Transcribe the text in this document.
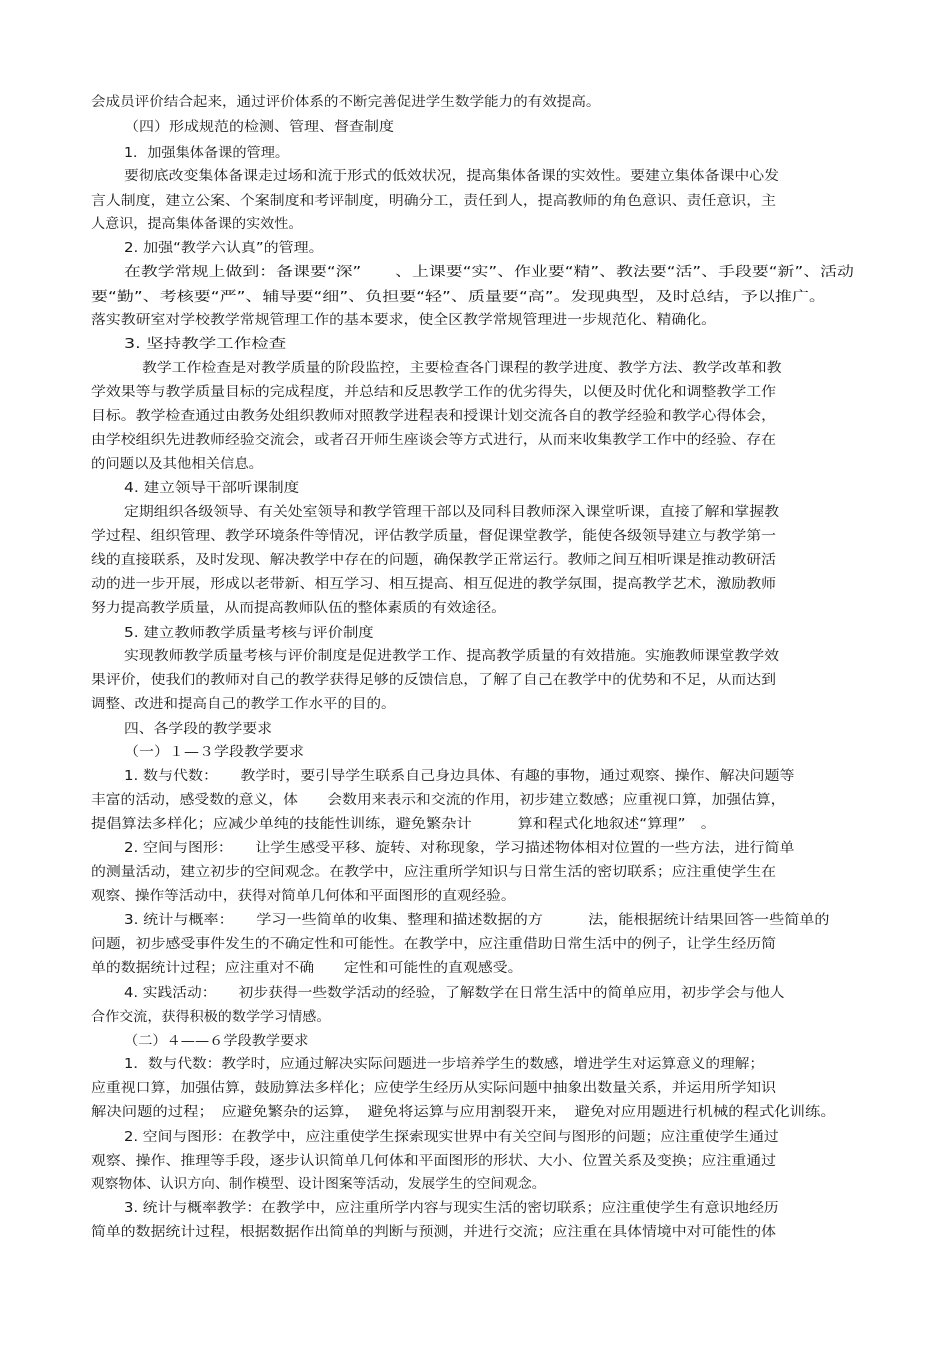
会成员评价结合起来，通过评价体系的不断完善促进学生数学能力的有效提高。
（四）形成规范的检测、管理、督查制度
1．加强集体备课的管理。
要彻底改变集体备课走过场和流于形式的低效状况，提高集体备课的实效性。要建立集体备课中心发
言人制度，建立公案、个案制度和考评制度，明确分工，责任到人，提高教师的角色意识、责任意识，主
人意识，提高集体备课的实效性。
2. 加强“教学六认真”的管理。
在教学常规上做到：备课要“深”　　、上课要“实”、作业要“精”、教法要“活”、手段要“新”、活动
要“勤”、考核要“严”、辅导要“细”、负担要“轻”、质量要“高”。发现典型，及时总结，予以推广。
落实教研室对学校教学常规管理工作的基本要求，使全区教学常规管理进一步规范化、精确化。
3. 坚持教学工作检查
教学工作检查是对教学质量的阶段监控，主要检查各门课程的教学进度、教学方法、教学改革和教
学效果等与教学质量目标的完成程度，并总结和反思教学工作的优劣得失，以便及时优化和调整教学工作
目标。教学检查通过由教务处组织教师对照教学进程表和授课计划交流各自的教学经验和教学心得体会，
由学校组织先进教师经验交流会，或者召开师生座谈会等方式进行，从而来收集教学工作中的经验、存在
的问题以及其他相关信息。
4. 建立领导干部听课制度
定期组织各级领导、有关处室领导和教学管理干部以及同科目教师深入课堂听课，直接了解和掌握教
学过程、组织管理、教学环境条件等情况，评估教学质量，督促课堂教学，能使各级领导建立与教学第一
线的直接联系，及时发现、解决教学中存在的问题，确保教学正常运行。教师之间互相听课是推动教研活
动的进一步开展，形成以老带新、相互学习、相互提高、相互促进的教学氛围，提高教学艺术，激励教师
努力提高教学质量，从而提高教师队伍的整体素质的有效途径。
5. 建立教师教学质量考核与评价制度
实现教师教学质量考核与评价制度是促进教学工作、提高教学质量的有效措施。实施教师课堂教学效
果评价，使我们的教师对自己的教学获得足够的反馈信息，了解了自己在教学中的优势和不足，从而达到
调整、改进和提高自己的教学工作水平的目的。
四、各学段的教学要求
（一）１—３学段教学要求
1. 数与代数：　　教学时，要引导学生联系自己身边具体、有趣的事物，通过观察、操作、解决问题等
丰富的活动，感受数的意义，体　　会数用来表示和交流的作用，初步建立数感；应重视口算，加强估算，
提倡算法多样化；应减少单纯的技能性训练，避免繁杂计　　　算和程式化地叙述“算理”　。
2. 空间与图形：　　让学生感受平移、旋转、对称现象，学习描述物体相对位置的一些方法，进行简单
的测量活动，建立初步的空间观念。在教学中，应注重所学知识与日常生活的密切联系；应注重使学生在
观察、操作等活动中，获得对简单几何体和平面图形的直观经验。
3. 统计与概率：　　学习一些简单的收集、整理和描述数据的方　　　法，能根据统计结果回答一些简单的
问题，初步感受事件发生的不确定性和可能性。在教学中，应注重借助日常生活中的例子，让学生经历简
单的数据统计过程；应注重对不确　　定性和可能性的直观感受。
4. 实践活动：　　初步获得一些数学活动的经验，了解数学在日常生活中的简单应用，初步学会与他人
合作交流，获得积极的数学学习情感。
（二）４——６学段教学要求
1．数与代数：教学时，应通过解决实际问题进一步培养学生的数感，增进学生对运算意义的理解；
应重视口算，加强估算，鼓励算法多样化；应使学生经历从实际问题中抽象出数量关系，并运用所学知识
解决问题的过程；　应避免繁杂的运算，　避免将运算与应用割裂开来，　避免对应用题进行机械的程式化训练。
2. 空间与图形：在教学中，应注重使学生探索现实世界中有关空间与图形的问题；应注重使学生通过
观察、操作、推理等手段，逐步认识简单几何体和平面图形的形状、大小、位置关系及变换；应注重通过
观察物体、认识方向、制作模型、设计图案等活动，发展学生的空间观念。
3. 统计与概率教学：在教学中，应注重所学内容与现实生活的密切联系；应注重使学生有意识地经历
简单的数据统计过程，根据数据作出简单的判断与预测，并进行交流；应注重在具体情境中对可能性的体
